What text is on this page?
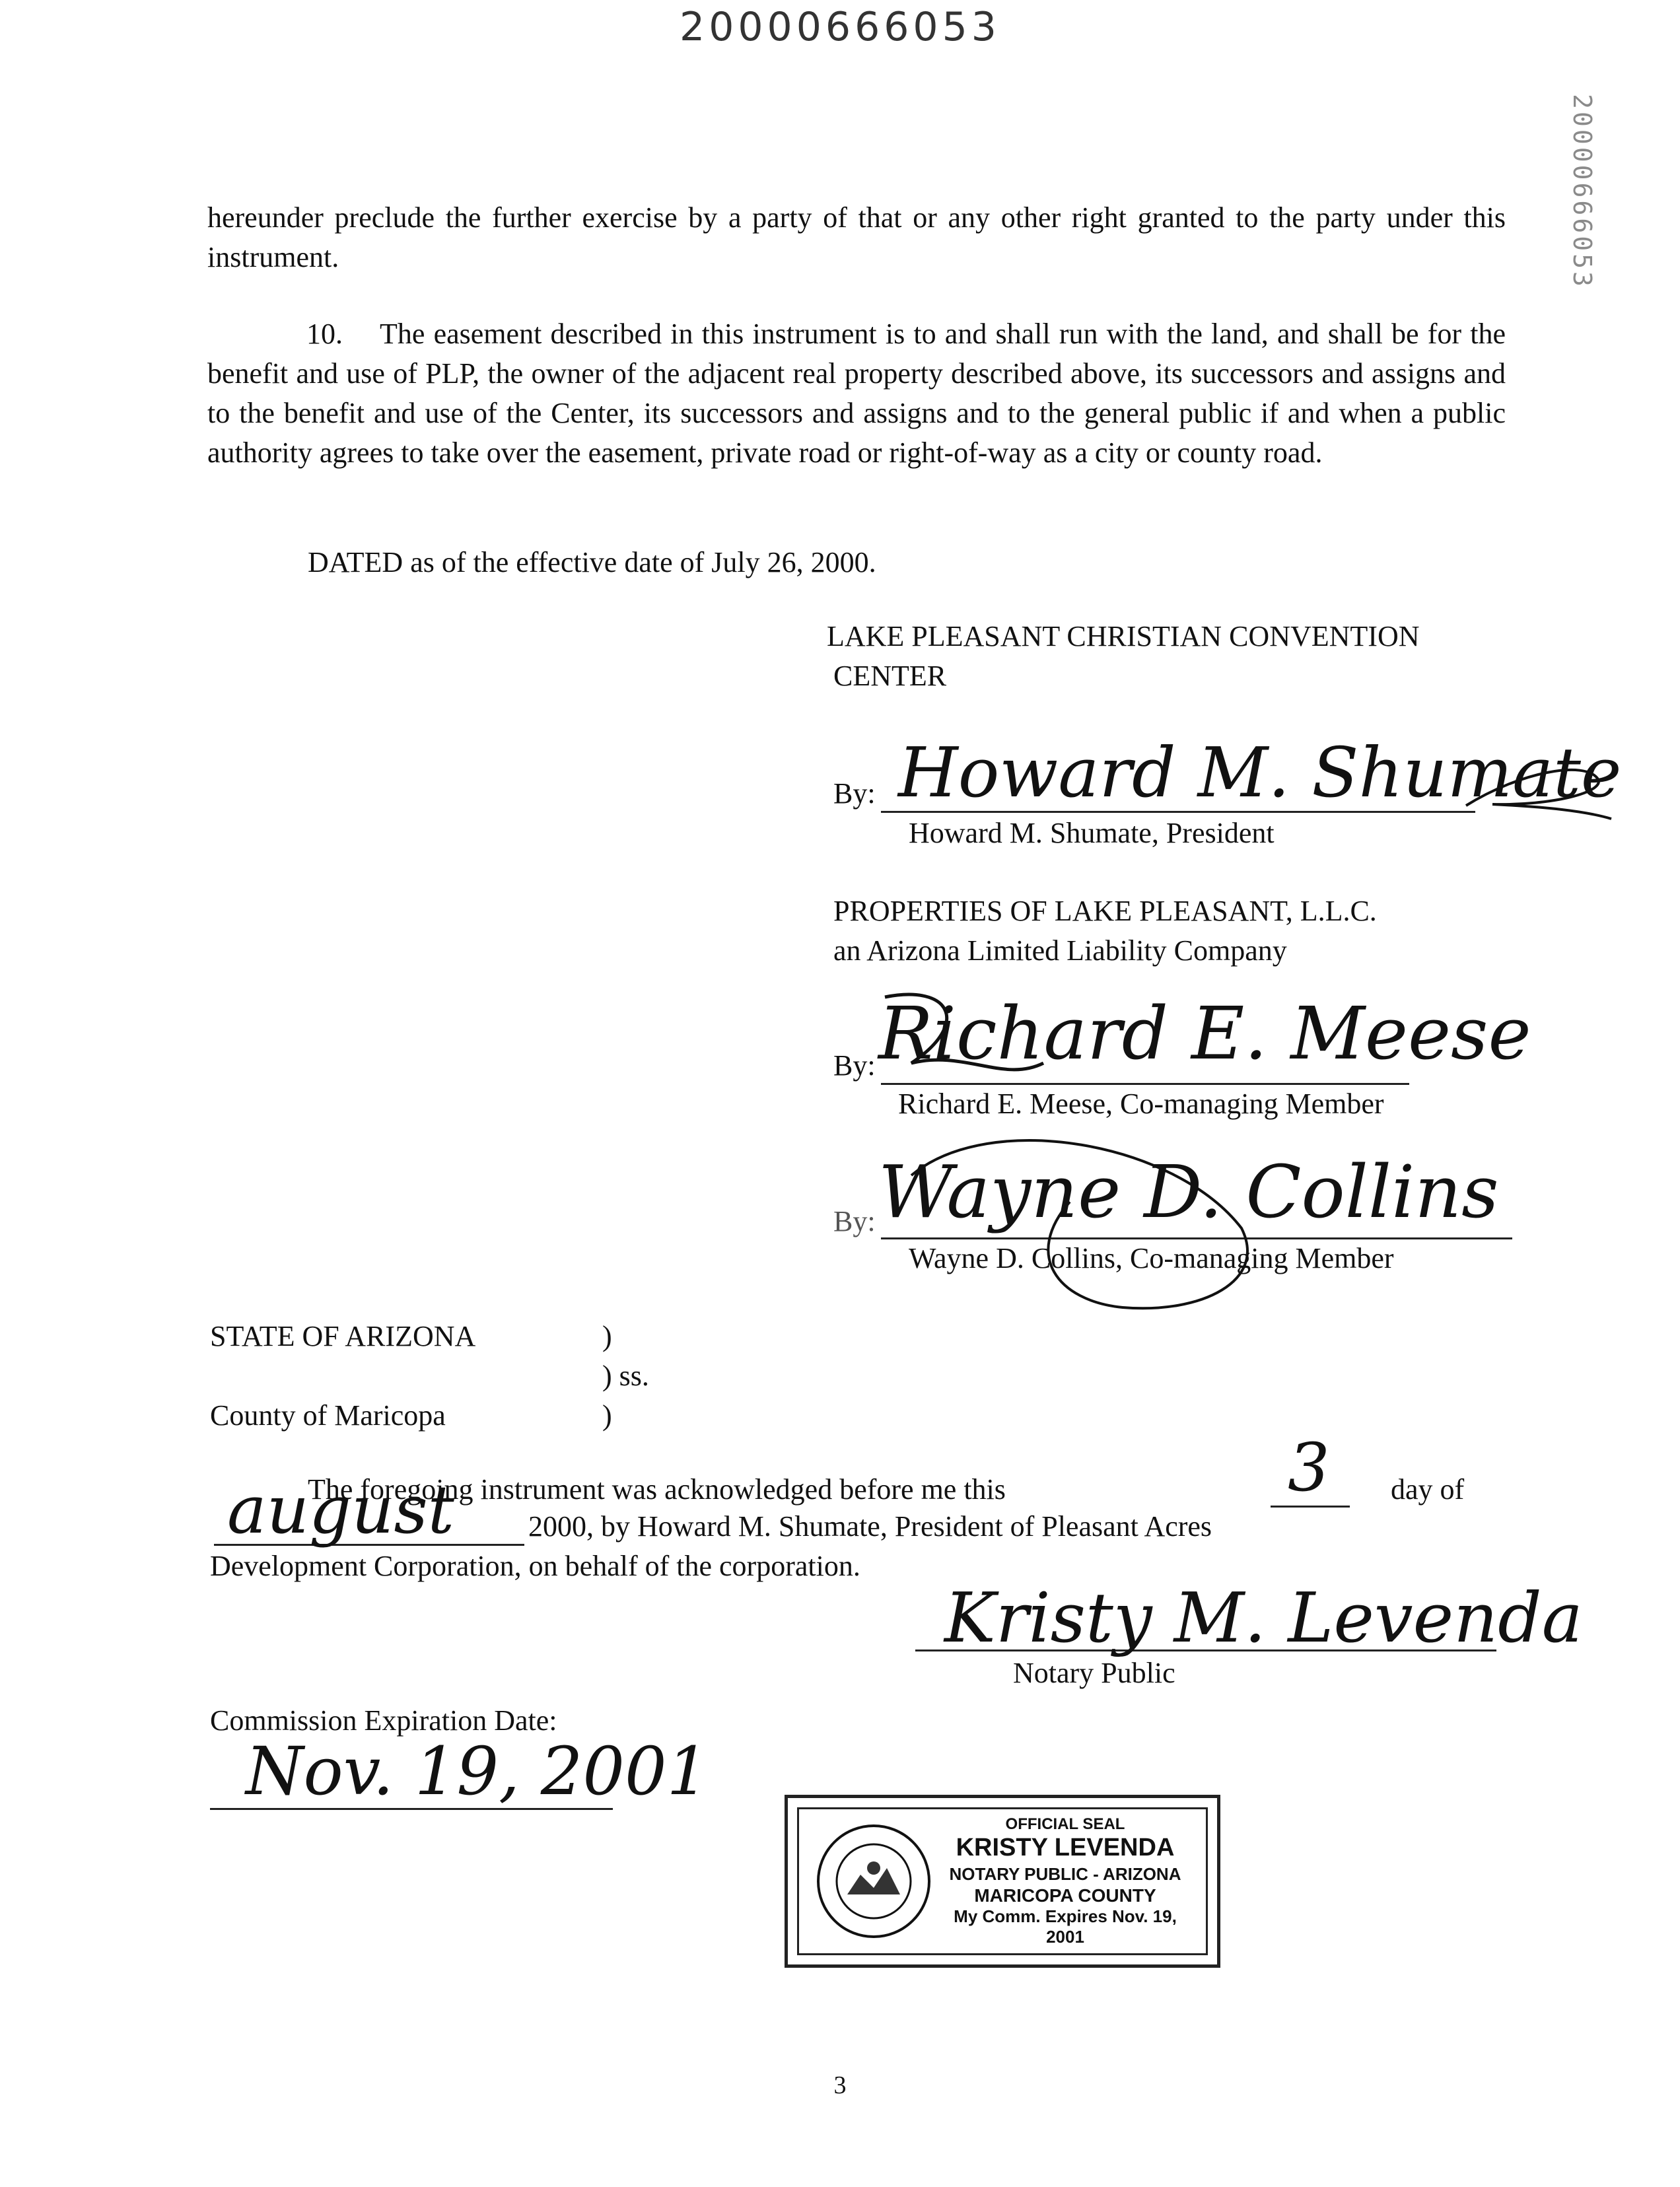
20000666053
20000666053
hereunder preclude the further exercise by a party of that or any other right granted to the party under this instrument.
10. The easement described in this instrument is to and shall run with the land, and shall be for the benefit and use of PLP, the owner of the adjacent real property described above, its successors and assigns and to the benefit and use of the Center, its successors and assigns and to the general public if and when a public authority agrees to take over the easement, private road or right-of-way as a city or county road.
DATED as of the effective date of July 26, 2000.
LAKE PLEASANT CHRISTIAN CONVENTION
CENTER
By: Howard M. Shumate
Howard M. Shumate, President
PROPERTIES OF LAKE PLEASANT, L.L.C.
an Arizona Limited Liability Company
By: Richard E. Meese
Richard E. Meese, Co-managing Member
By: Wayne D. Collins
Wayne D. Collins, Co-managing Member
STATE OF ARIZONA	)
) ss.
County of Maricopa	)
The foregoing instrument was acknowledged before me this	3 day of
august	2000, by Howard M. Shumate, President of Pleasant Acres
Development Corporation, on behalf of the corporation.
Kristy M. Levenda
Notary Public
Commission Expiration Date:
Nov. 19, 2001
OFFICIAL SEAL
KRISTY LEVENDA
NOTARY PUBLIC - ARIZONA
MARICOPA COUNTY
My Comm. Expires Nov. 19, 2001
3
